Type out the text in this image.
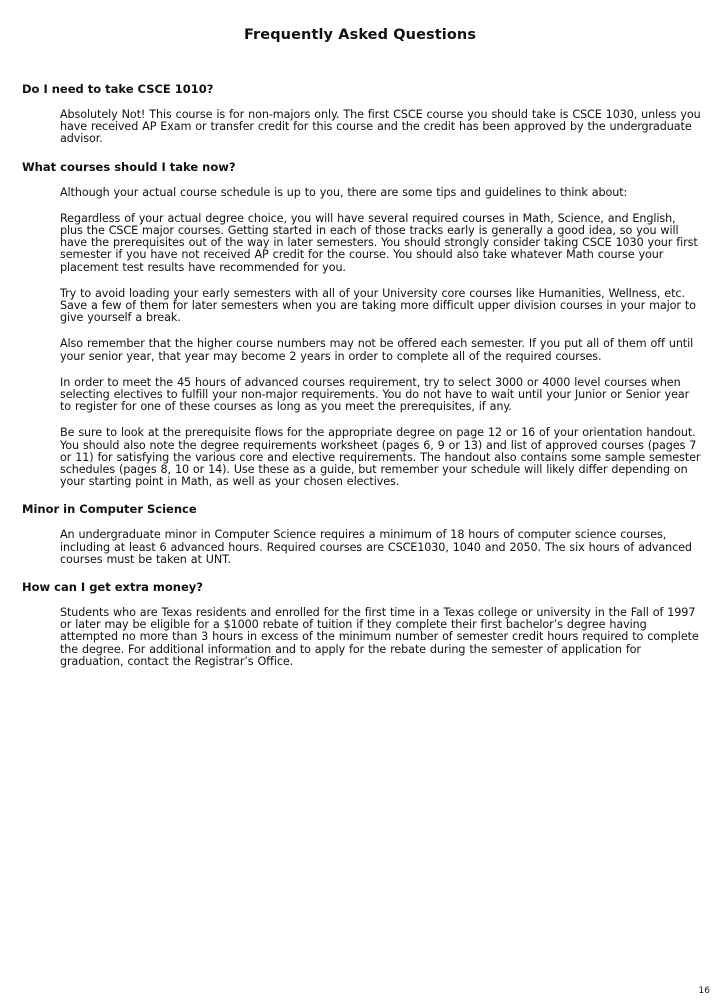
Frequently Asked Questions
Do I need to take CSCE 1010?

Absolutely Not! This course is for non-majors only. The first CSCE course you should take is CSCE 1030, unless you have received AP Exam or transfer credit for this course and the credit has been approved by the undergraduate advisor.

What courses should I take now?

Although your actual course schedule is up to you, there are some tips and guidelines to think about:

Regardless of your actual degree choice, you will have several required courses in Math, Science, and English, plus the CSCE major courses. Getting started in each of those tracks early is generally a good idea, so you will have the prerequisites out of the way in later semesters. You should strongly consider taking CSCE 1030 your first semester if you have not received AP credit for the course. You should also take whatever Math course your placement test results have recommended for you.

Try to avoid loading your early semesters with all of your University core courses like Humanities, Wellness, etc. Save a few of them for later semesters when you are taking more difficult upper division courses in your major to give yourself a break.

Also remember that the higher course numbers may not be offered each semester. If you put all of them off until your senior year, that year may become 2 years in order to complete all of the required courses.

In order to meet the 45 hours of advanced courses requirement, try to select 3000 or 4000 level courses when selecting electives to fulfill your non-major requirements. You do not have to wait until your Junior or Senior year to register for one of these courses as long as you meet the prerequisites, if any.

Be sure to look at the prerequisite flows for the appropriate degree on page 12 or 16 of your orientation handout. You should also note the degree requirements worksheet (pages 6, 9 or 13) and list of approved courses (pages 7 or 11) for satisfying the various core and elective requirements. The handout also contains some sample semester schedules (pages 8, 10 or 14). Use these as a guide, but remember your schedule will likely differ depending on your starting point in Math, as well as your chosen electives.

Minor in Computer Science

An undergraduate minor in Computer Science requires a minimum of 18 hours of computer science courses, including at least 6 advanced hours. Required courses are CSCE1030, 1040 and 2050. The six hours of advanced courses must be taken at UNT.

How can I get extra money?

Students who are Texas residents and enrolled for the first time in a Texas college or university in the Fall of 1997 or later may be eligible for a $1000 rebate of tuition if they complete their first bachelor’s degree having attempted no more than 3 hours in excess of the minimum number of semester credit hours required to complete the degree. For additional information and to apply for the rebate during the semester of application for graduation, contact the Registrar’s Office.

16
